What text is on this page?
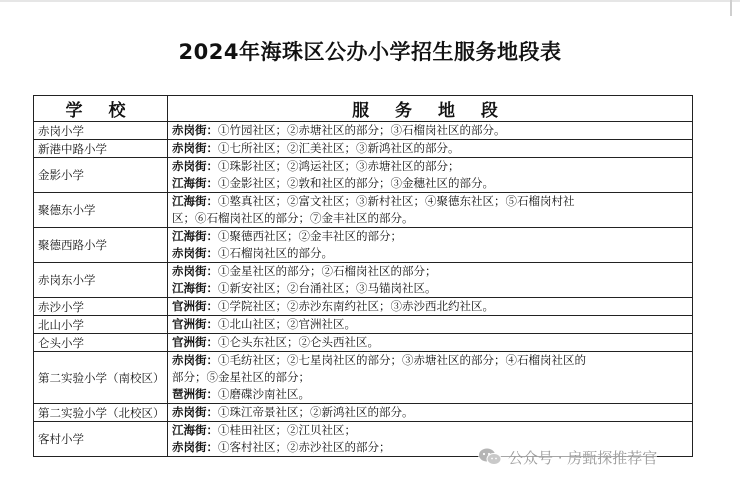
2024年海珠区公办小学招生服务地段表
学 校	服 务 地 段
赤岗小学	赤岗街：①竹园社区；②赤塘社区的部分；③石榴岗社区的部分。

新港中路小学	赤岗街：①七所社区；②汇美社区；③新鸿社区的部分。

金影小学	赤岗街：①珠影社区；②鸿运社区；③赤塘社区的部分；
江海街：①金影社区；②敦和社区的部分；③金穗社区的部分。

聚德东小学	江海街：①墪真社区；②富文社区；③新村社区；④聚德东社区；⑤石榴岗村社
区；⑥石榴岗社区的部分；⑦金丰社区的部分。

聚德西路小学	江海街：①聚德西社区；②金丰社区的部分；
赤岗街：①石榴岗社区的部分。

赤岗东小学	赤岗街：①金星社区的部分；②石榴岗社区的部分；
江海街：①新安社区；②台涌社区；③马锚岗社区。

赤沙小学	官洲街：①学院社区；②赤沙东南约社区；③赤沙西北约社区。

北山小学	官洲街：①北山社区；②官洲社区。

仑头小学	官洲街：①仑头东社区；②仑头西社区。

第二实验小学（南校区）	赤岗街：①毛纺社区；②七星岗社区的部分；③赤塘社区的部分；④石榴岗社区的
部分；⑤金星社区的部分；
琶洲街：①磨碟沙南社区。

第二实验小学（北校区）	赤岗街：①珠江帝景社区；②新鸿社区的部分。

客村小学	江海街：①桂田社区；②江贝社区；
赤岗街：①客村社区；②赤沙社区的部分；
公众号 · 房甄探推荐官
